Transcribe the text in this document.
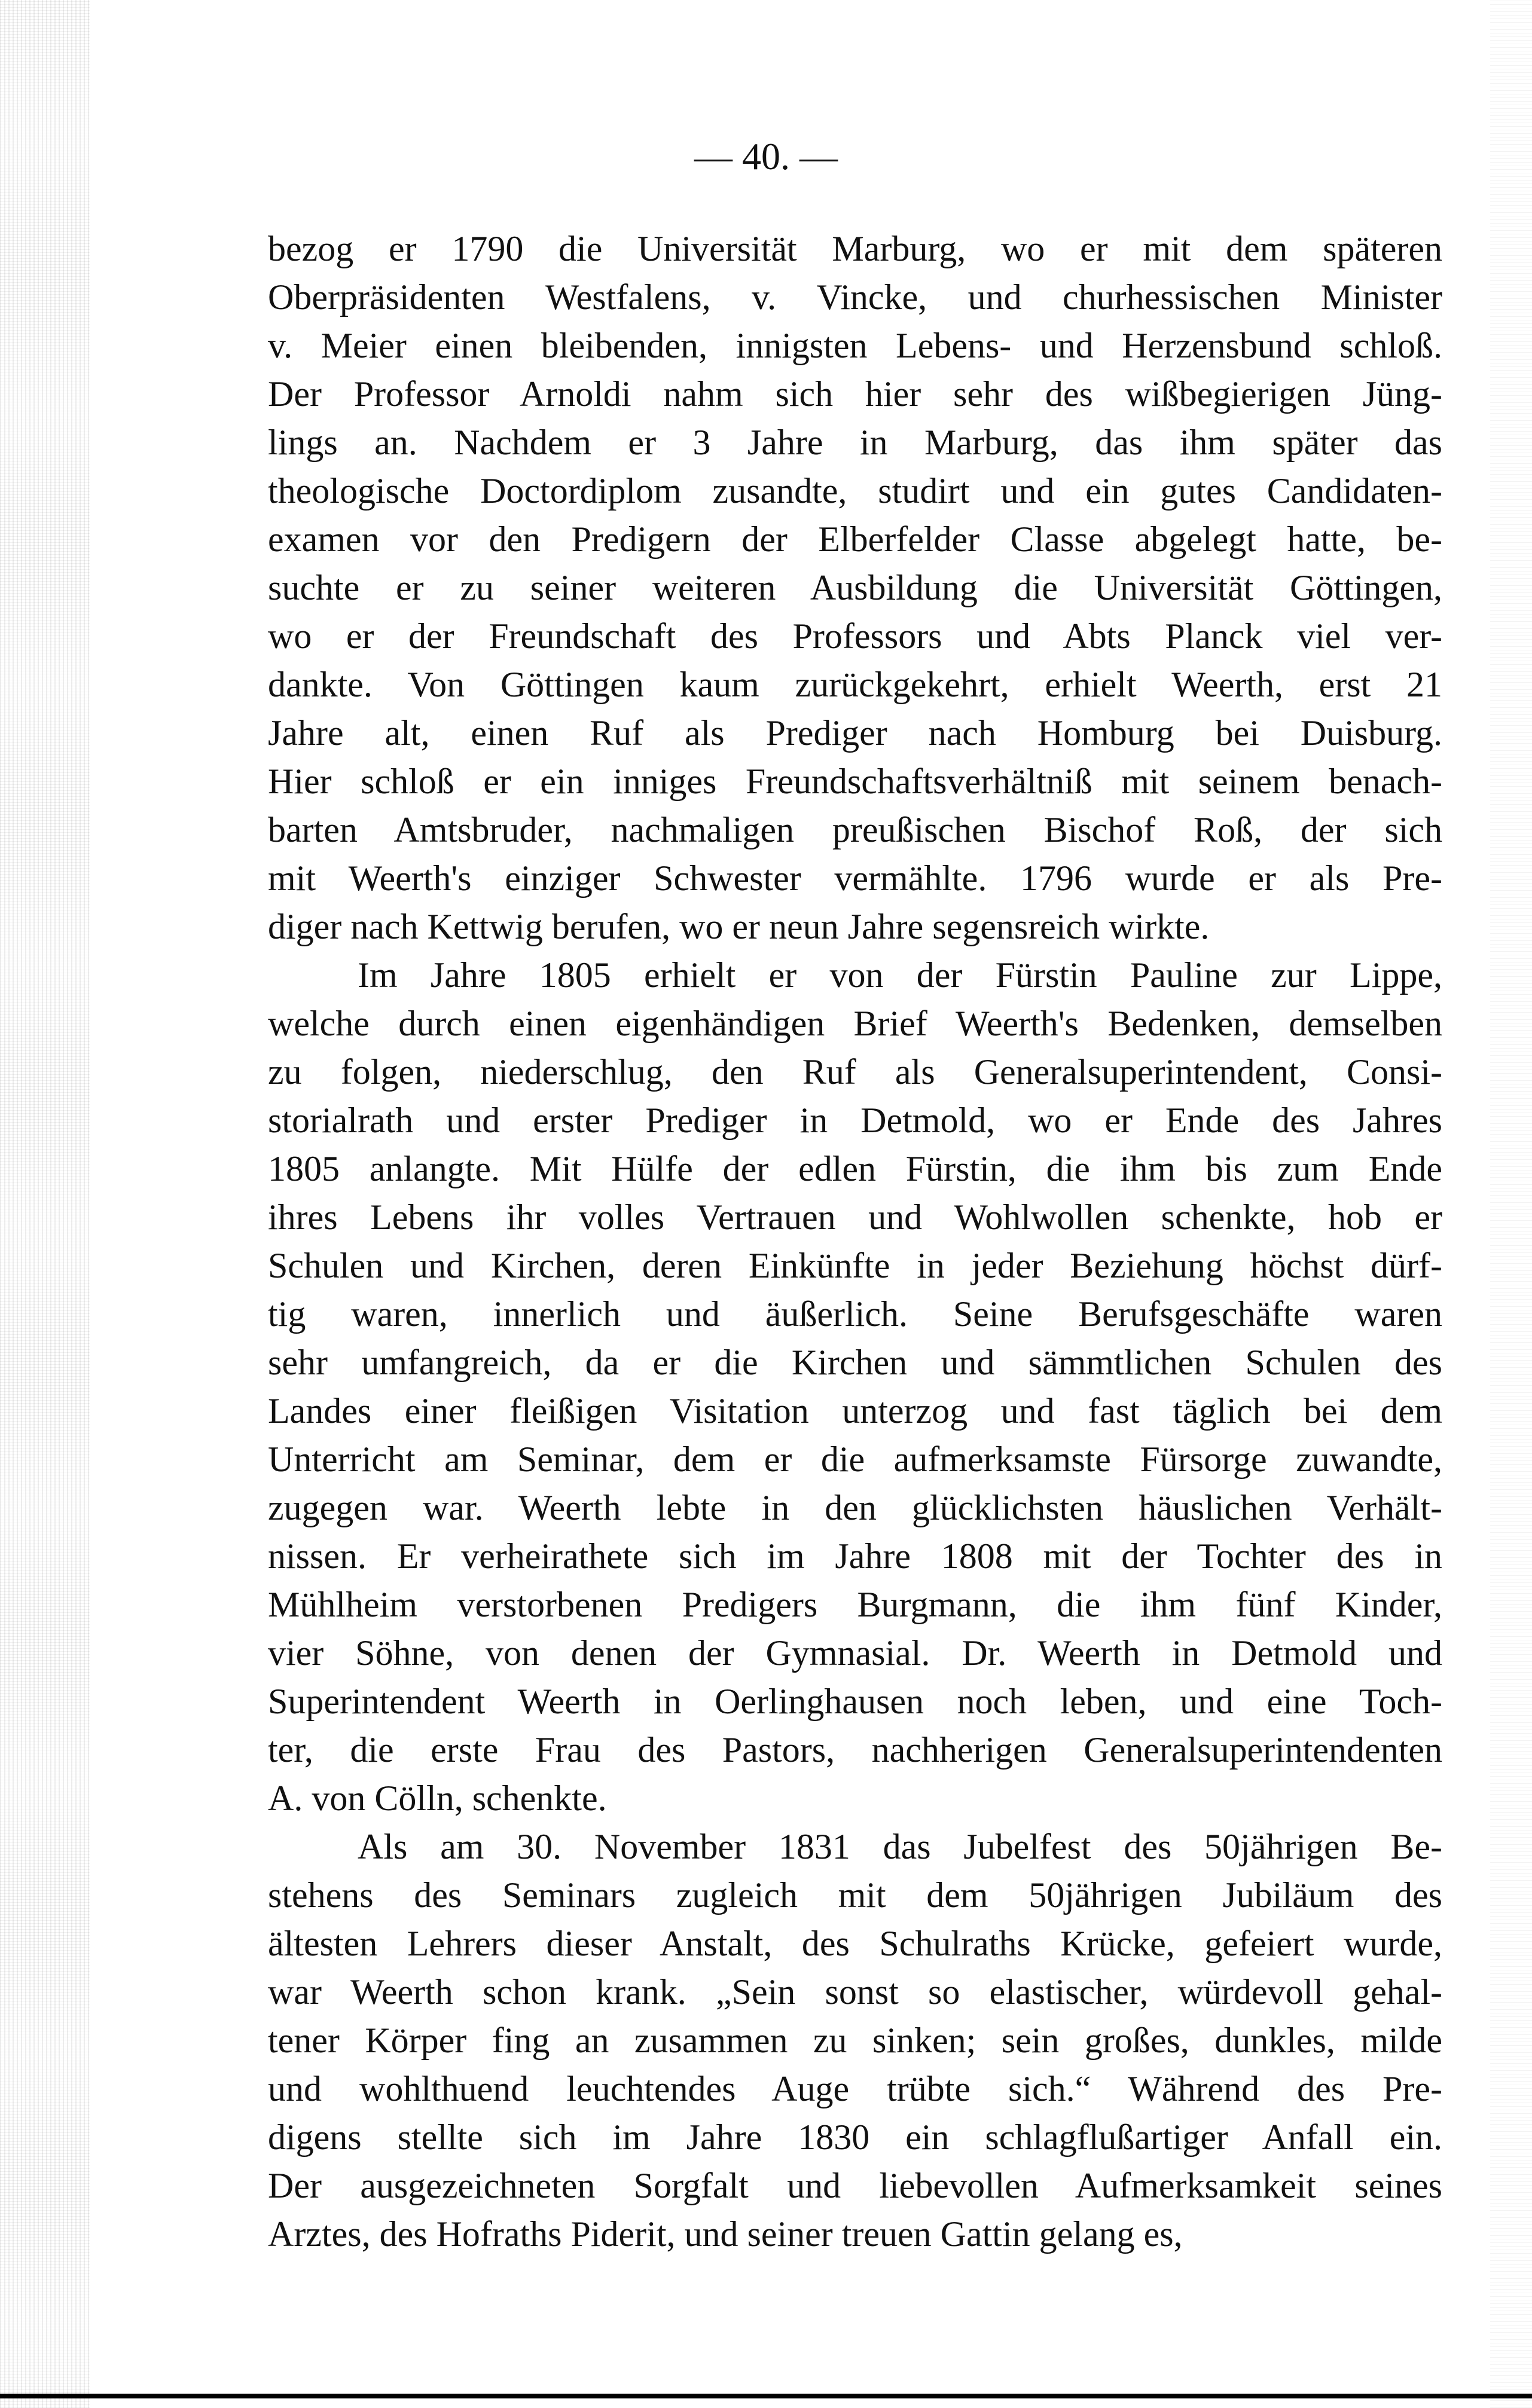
— 40. —
bezog er 1790 die Universität Marburg, wo er mit dem späteren
Oberpräsidenten Westfalens, v. Vincke, und churhessischen Minister
v. Meier einen bleibenden, innigsten Lebens- und Herzensbund schloß.
Der Professor Arnoldi nahm sich hier sehr des wißbegierigen Jüng-
lings an. Nachdem er 3 Jahre in Marburg, das ihm später das
theologische Doctordiplom zusandte, studirt und ein gutes Candidaten-
examen vor den Predigern der Elberfelder Classe abgelegt hatte, be-
suchte er zu seiner weiteren Ausbildung die Universität Göttingen,
wo er der Freundschaft des Professors und Abts Planck viel ver-
dankte. Von Göttingen kaum zurückgekehrt, erhielt Weerth, erst 21
Jahre alt, einen Ruf als Prediger nach Homburg bei Duisburg.
Hier schloß er ein inniges Freundschaftsverhältniß mit seinem benach-
barten Amtsbruder, nachmaligen preußischen Bischof Roß, der sich
mit Weerth's einziger Schwester vermählte. 1796 wurde er als Pre-
diger nach Kettwig berufen, wo er neun Jahre segensreich wirkte.
Im Jahre 1805 erhielt er von der Fürstin Pauline zur Lippe,
welche durch einen eigenhändigen Brief Weerth's Bedenken, demselben
zu folgen, niederschlug, den Ruf als Generalsuperintendent, Consi-
storialrath und erster Prediger in Detmold, wo er Ende des Jahres
1805 anlangte. Mit Hülfe der edlen Fürstin, die ihm bis zum Ende
ihres Lebens ihr volles Vertrauen und Wohlwollen schenkte, hob er
Schulen und Kirchen, deren Einkünfte in jeder Beziehung höchst dürf-
tig waren, innerlich und äußerlich. Seine Berufsgeschäfte waren
sehr umfangreich, da er die Kirchen und sämmtlichen Schulen des
Landes einer fleißigen Visitation unterzog und fast täglich bei dem
Unterricht am Seminar, dem er die aufmerksamste Fürsorge zuwandte,
zugegen war. Weerth lebte in den glücklichsten häuslichen Verhält-
nissen. Er verheirathete sich im Jahre 1808 mit der Tochter des in
Mühlheim verstorbenen Predigers Burgmann, die ihm fünf Kinder,
vier Söhne, von denen der Gymnasial. Dr. Weerth in Detmold und
Superintendent Weerth in Oerlinghausen noch leben, und eine Toch-
ter, die erste Frau des Pastors, nachherigen Generalsuperintendenten
A. von Cölln, schenkte.
Als am 30. November 1831 das Jubelfest des 50jährigen Be-
stehens des Seminars zugleich mit dem 50jährigen Jubiläum des
ältesten Lehrers dieser Anstalt, des Schulraths Krücke, gefeiert wurde,
war Weerth schon krank. „Sein sonst so elastischer, würdevoll gehal-
tener Körper fing an zusammen zu sinken; sein großes, dunkles, milde
und wohlthuend leuchtendes Auge trübte sich.“ Während des Pre-
digens stellte sich im Jahre 1830 ein schlagflußartiger Anfall ein.
Der ausgezeichneten Sorgfalt und liebevollen Aufmerksamkeit seines
Arztes, des Hofraths Piderit, und seiner treuen Gattin gelang es,
